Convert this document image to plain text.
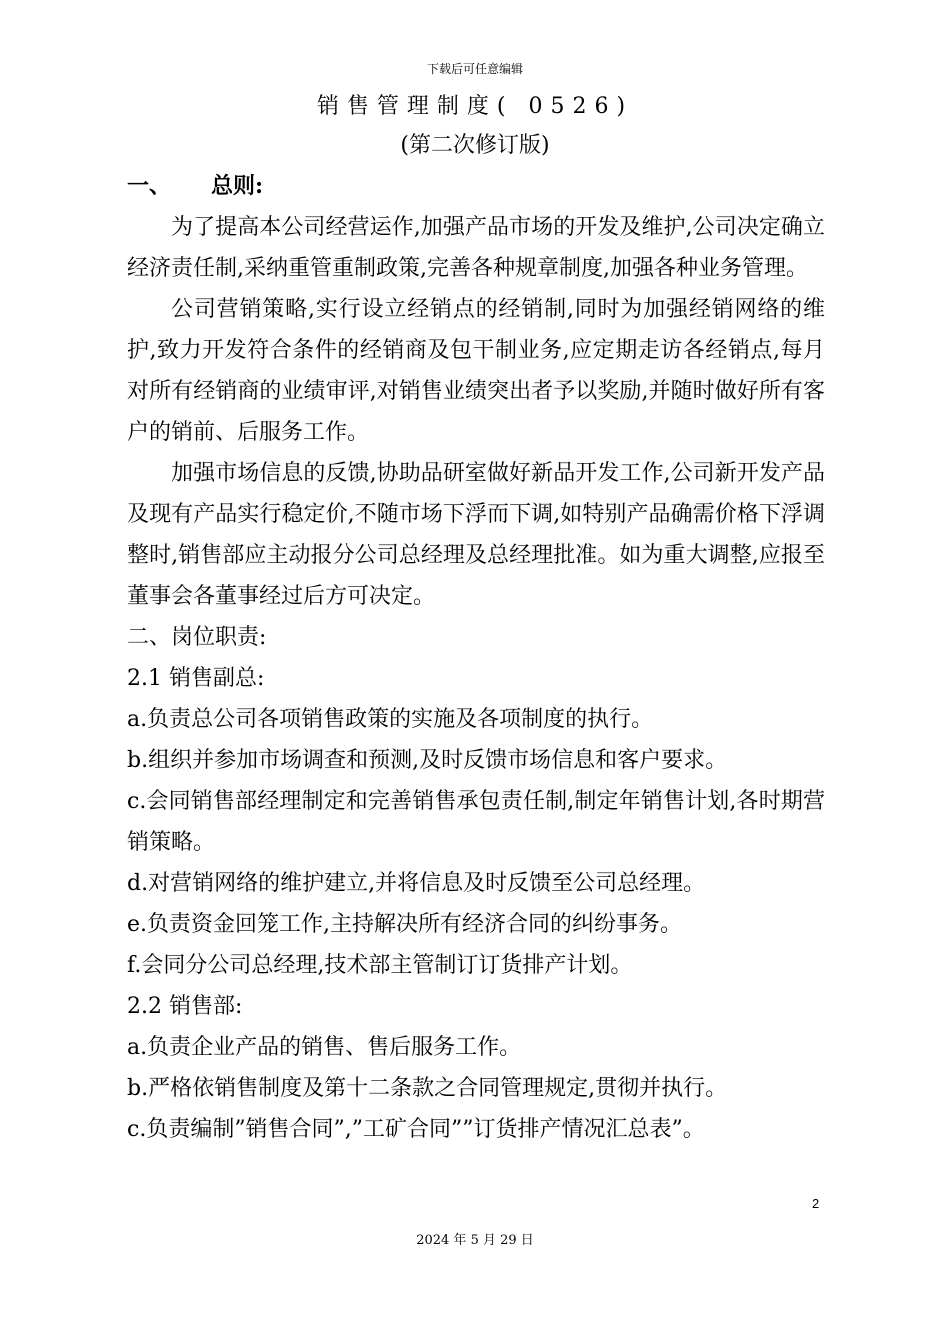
下载后可任意编辑
销售管理制度( 0526)
(第二次修订版)

一、 总则:

为了提高本公司经营运作,加强产品市场的开发及维护,公司决定确立经济责任制,采纳重管重制政策,完善各种规章制度,加强各种业务管理。

公司营销策略,实行设立经销点的经销制,同时为加强经销网络的维护,致力开发符合条件的经销商及包干制业务,应定期走访各经销点,每月对所有经销商的业绩审评,对销售业绩突出者予以奖励,并随时做好所有客户的销前、后服务工作。

加强市场信息的反馈,协助品研室做好新品开发工作,公司新开发产品及现有产品实行稳定价,不随市场下浮而下调,如特别产品确需价格下浮调整时,销售部应主动报分公司总经理及总经理批准。如为重大调整,应报至董事会各董事经过后方可决定。

二、岗位职责:

2.1 销售副总:

a.负责总公司各项销售政策的实施及各项制度的执行。

b.组织并参加市场调查和预测,及时反馈市场信息和客户要求。

c.会同销售部经理制定和完善销售承包责任制,制定年销售计划,各时期营销策略。

d.对营销网络的维护建立,并将信息及时反馈至公司总经理。

e.负责资金回笼工作,主持解决所有经济合同的纠纷事务。

f.会同分公司总经理,技术部主管制订订货排产计划。

2.2 销售部:

a.负责企业产品的销售、售后服务工作。

b.严格依销售制度及第十二条款之合同管理规定,贯彻并执行。

c.负责编制”销售合同”,”工矿合同””订货排产情况汇总表”。

2
2024 年 5 月 29 日
